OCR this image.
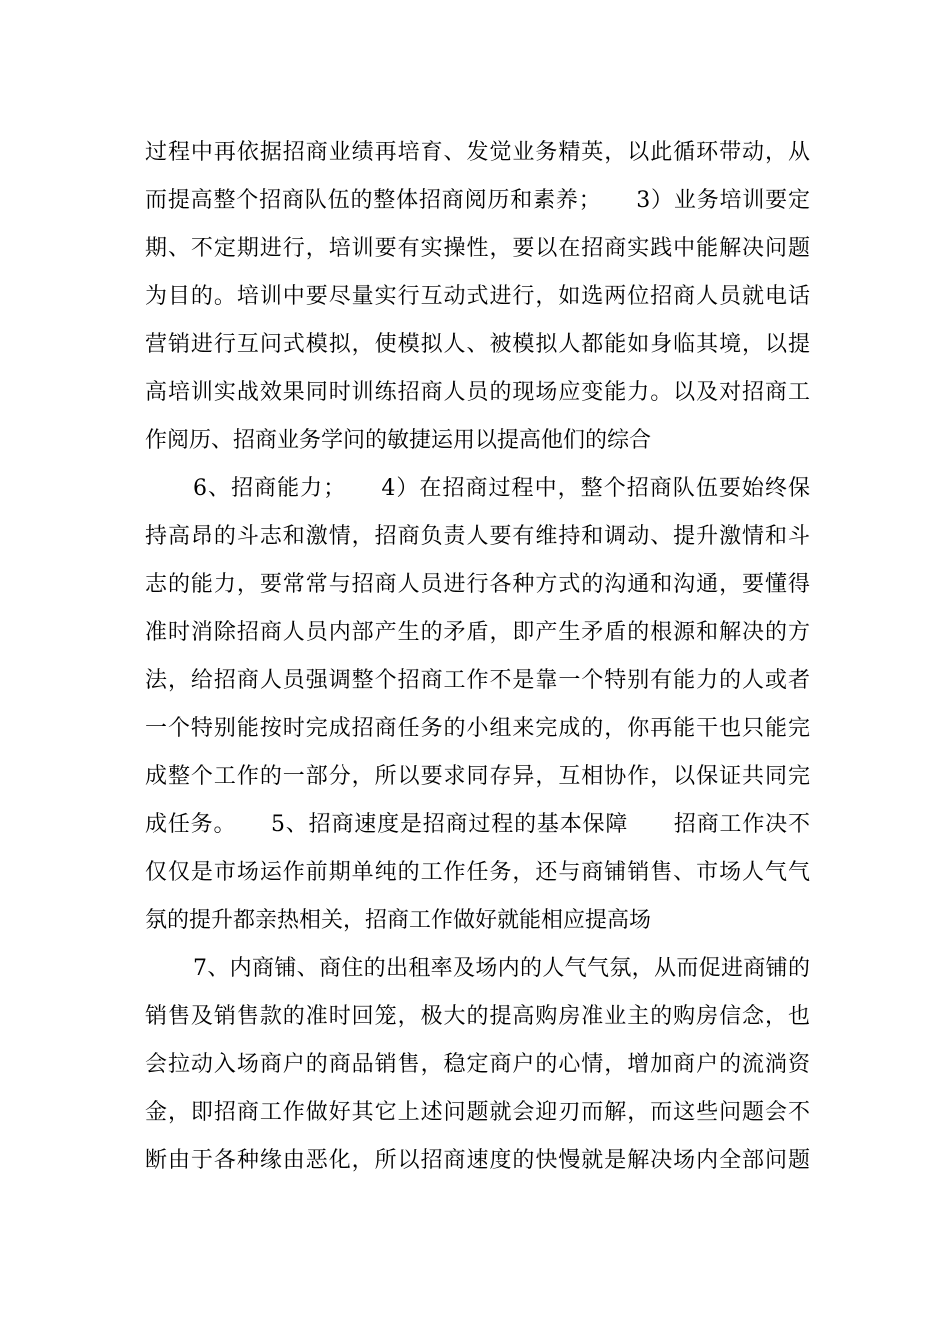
过程中再依据招商业绩再培育、发觉业务精英，以此循环带动，从
而提高整个招商队伍的整体招商阅历和素养；　　3）业务培训要定
期、不定期进行，培训要有实操性，要以在招商实践中能解决问题
为目的。培训中要尽量实行互动式进行，如选两位招商人员就电话
营销进行互问式模拟，使模拟人、被模拟人都能如身临其境，以提
高培训实战效果同时训练招商人员的现场应变能力。以及对招商工
作阅历、招商业务学问的敏捷运用以提高他们的综合
6、招商能力；　　4）在招商过程中，整个招商队伍要始终保
持高昂的斗志和激情，招商负责人要有维持和调动、提升激情和斗
志的能力，要常常与招商人员进行各种方式的沟通和沟通，要懂得
准时消除招商人员内部产生的矛盾，即产生矛盾的根源和解决的方
法，给招商人员强调整个招商工作不是靠一个特别有能力的人或者
一个特别能按时完成招商任务的小组来完成的，你再能干也只能完
成整个工作的一部分，所以要求同存异，互相协作，以保证共同完
成任务。　　5、招商速度是招商过程的基本保障　　招商工作决不
仅仅是市场运作前期单纯的工作任务，还与商铺销售、市场人气气
氛的提升都亲热相关，招商工作做好就能相应提高场
7、内商铺、商住的出租率及场内的人气气氛，从而促进商铺的
销售及销售款的准时回笼，极大的提高购房准业主的购房信念，也
会拉动入场商户的商品销售，稳定商户的心情，增加商户的流淌资
金，即招商工作做好其它上述问题就会迎刃而解，而这些问题会不
断由于各种缘由恶化，所以招商速度的快慢就是解决场内全部问题
